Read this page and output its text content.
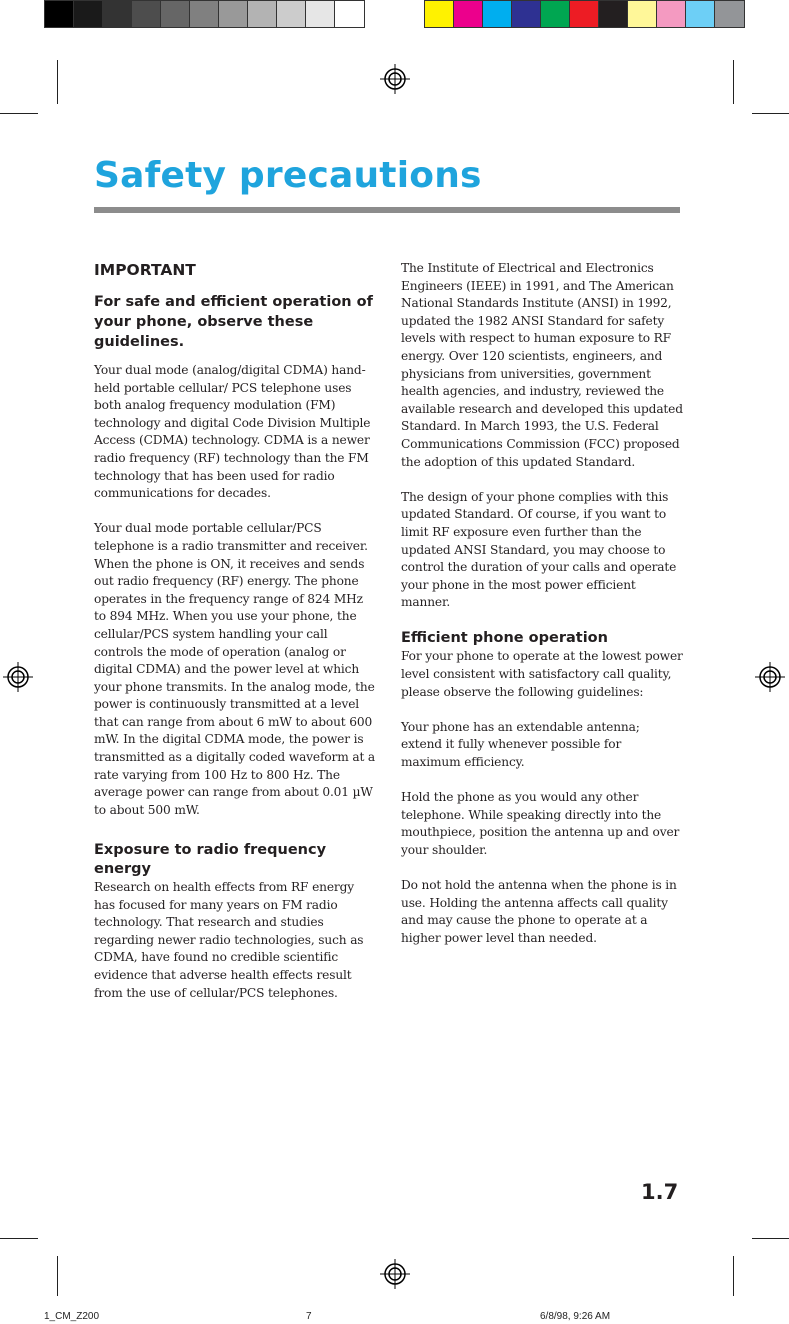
Safety precautions
IMPORTANT
For safe and efficient operation of your phone, observe these guidelines.

Your dual mode (analog/digital CDMA) hand-held portable cellular/ PCS telephone uses both analog frequency modulation (FM) technology and digital Code Division Multiple Access (CDMA) technology. CDMA is a newer radio frequency (RF) technology than the FM technology that has been used for radio communications for decades.

Your dual mode portable cellular/PCS telephone is a radio transmitter and receiver. When the phone is ON, it receives and sends out radio frequency (RF) energy. The phone operates in the frequency range of 824 MHz to 894 MHz. When you use your phone, the cellular/PCS system handling your call controls the mode of operation (analog or digital CDMA) and the power level at which your phone transmits. In the analog mode, the power is continuously transmitted at a level that can range from about 6 mW to about 600 mW. In the digital CDMA mode, the power is transmitted as a digitally coded waveform at a rate varying from 100 Hz to 800 Hz. The average power can range from about 0.01 µW to about 500 mW.

Exposure to radio frequency energy

Research on health effects from RF energy has focused for many years on FM radio technology. That research and studies regarding newer radio technologies, such as CDMA, have found no credible scientific evidence that adverse health effects result from the use of cellular/PCS telephones.

The Institute of Electrical and Electronics Engineers (IEEE) in 1991, and The American National Standards Institute (ANSI) in 1992, updated the 1982 ANSI Standard for safety levels with respect to human exposure to RF energy. Over 120 scientists, engineers, and physicians from universities, government health agencies, and industry, reviewed the available research and developed this updated Standard. In March 1993, the U.S. Federal Communications Commission (FCC) proposed the adoption of this updated Standard.

The design of your phone complies with this updated Standard. Of course, if you want to limit RF exposure even further than the updated ANSI Standard, you may choose to control the duration of your calls and operate your phone in the most power efficient manner.

Efficient phone operation

For your phone to operate at the lowest power level consistent with satisfactory call quality, please observe the following guidelines:

Your phone has an extendable antenna; extend it fully whenever possible for maximum efficiency.

Hold the phone as you would any other telephone. While speaking directly into the mouthpiece, position the antenna up and over your shoulder.

Do not hold the antenna when the phone is in use. Holding the antenna affects call quality and may cause the phone to operate at a higher power level than needed.

1.7
1_CM_Z200	7	6/8/98, 9:26 AM
